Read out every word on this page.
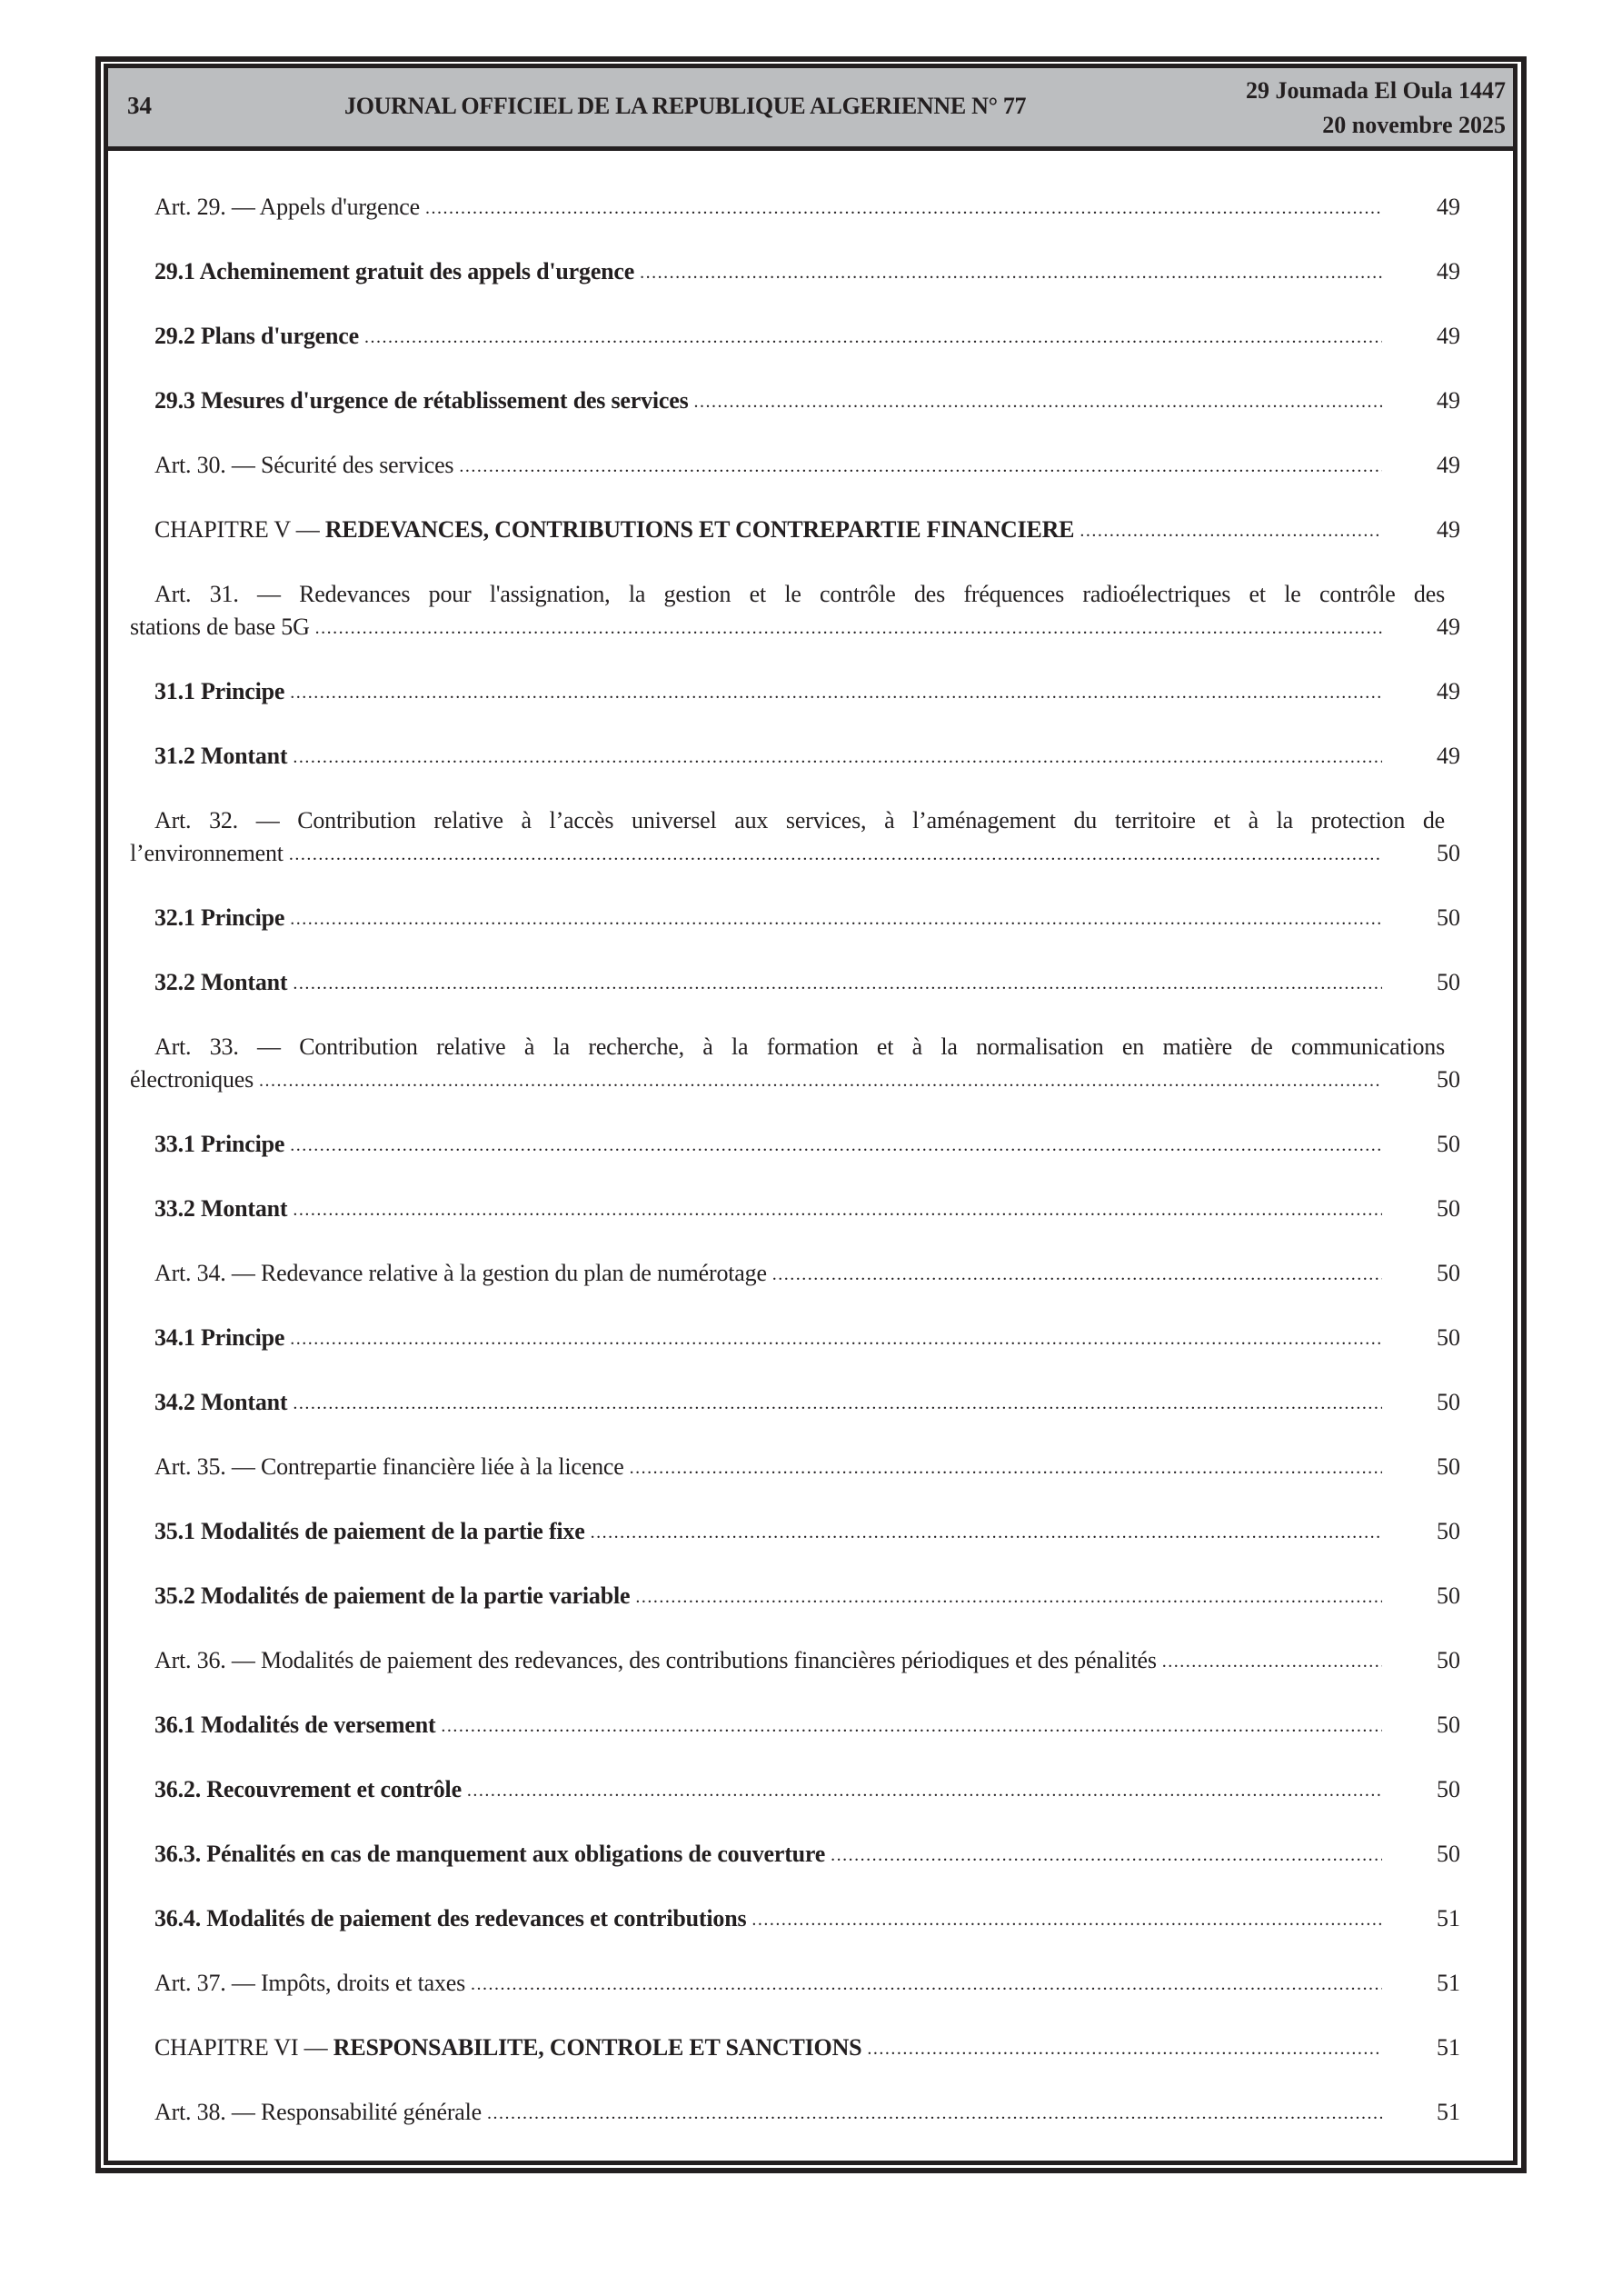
34	JOURNAL OFFICIEL DE LA REPUBLIQUE ALGERIENNE N° 77
29 Joumada El Oula 1447
20 novembre 2025
Art. 29. — Appels d'urgence .....	49
29.1 Acheminement gratuit des appels d'urgence .....	49
29.2 Plans d'urgence .....	49
29.3 Mesures d'urgence de rétablissement des services .....	49
Art. 30. — Sécurité des services .....	49
CHAPITRE V — REDEVANCES, CONTRIBUTIONS ET CONTREPARTIE FINANCIERE .....	49
Art. 31. — Redevances pour l'assignation, la gestion et le contrôle des fréquences radioélectriques et le contrôle des
stations de base 5G .....	49
31.1 Principe .....	49
31.2 Montant .....	49
Art. 32. — Contribution relative à l’accès universel aux services, à l’aménagement du territoire et à la protection de
l’environnement .....	50
32.1 Principe .....	50
32.2 Montant .....	50
Art. 33. — Contribution relative à la recherche, à la formation et à la normalisation en matière de communications
électroniques .....	50
33.1 Principe .....	50
33.2 Montant .....	50
Art. 34. — Redevance relative à la gestion du plan de numérotage .....	50
34.1 Principe .....	50
34.2 Montant .....	50
Art. 35. — Contrepartie financière liée à la licence .....	50
35.1 Modalités de paiement de la partie fixe .....	50
35.2 Modalités de paiement de la partie variable .....	50
Art. 36. — Modalités de paiement des redevances, des contributions financières périodiques et des pénalités .....	50
36.1 Modalités de versement .....	50
36.2. Recouvrement et contrôle .....	50
36.3. Pénalités en cas de manquement aux obligations de couverture .....	50
36.4. Modalités de paiement des redevances et contributions .....	51
Art. 37. — Impôts, droits et taxes .....	51
CHAPITRE VI — RESPONSABILITE, CONTROLE ET SANCTIONS .....	51
Art. 38. — Responsabilité générale .....	51
